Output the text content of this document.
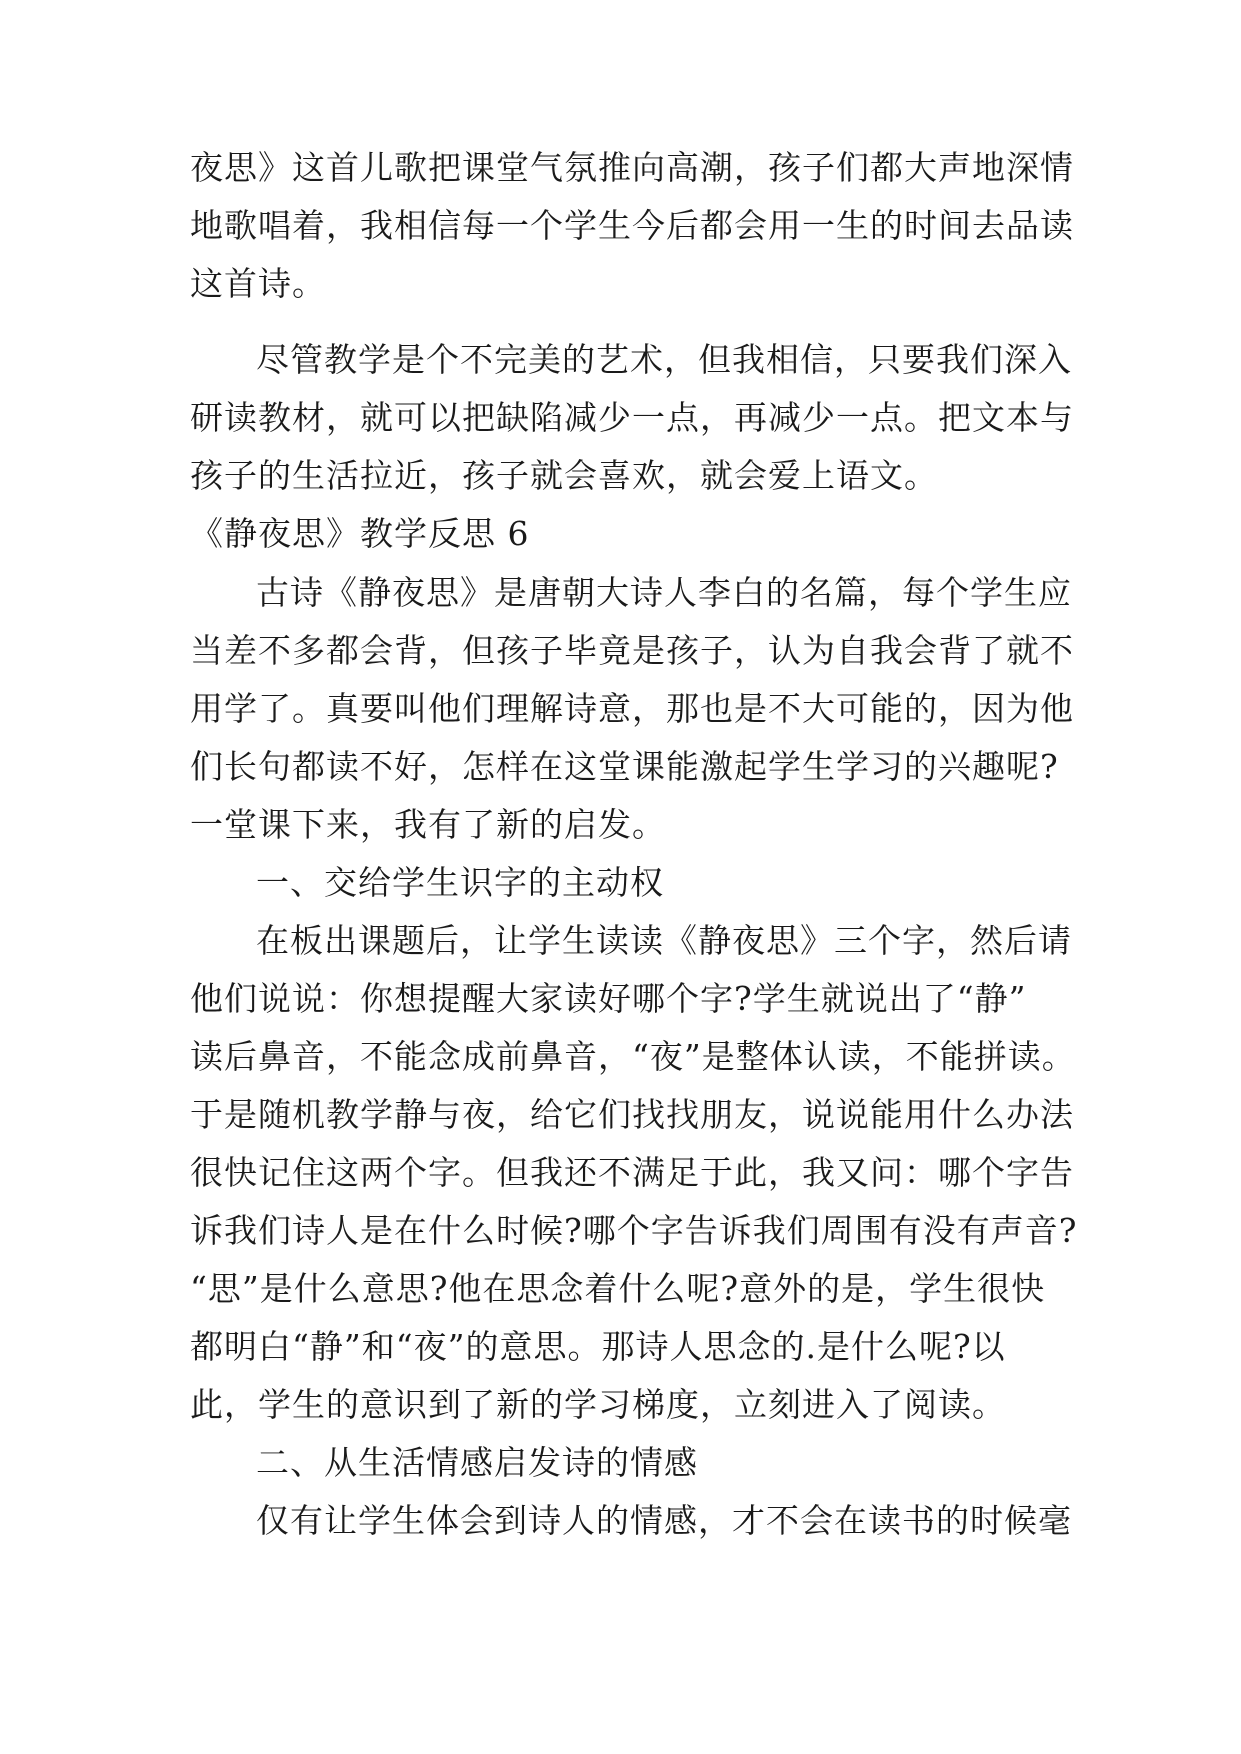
夜思》这首儿歌把课堂气氛推向高潮，孩子们都大声地深情
地歌唱着，我相信每一个学生今后都会用一生的时间去品读
这首诗。
尽管教学是个不完美的艺术，但我相信，只要我们深入
研读教材，就可以把缺陷减少一点，再减少一点。把文本与
孩子的生活拉近，孩子就会喜欢，就会爱上语文。
《静夜思》教学反思 6
古诗《静夜思》是唐朝大诗人李白的名篇，每个学生应
当差不多都会背，但孩子毕竟是孩子，认为自我会背了就不
用学了。真要叫他们理解诗意，那也是不大可能的，因为他
们长句都读不好，怎样在这堂课能激起学生学习的兴趣呢?
一堂课下来，我有了新的启发。
一、交给学生识字的主动权
在板出课题后，让学生读读《静夜思》三个字，然后请
他们说说：你想提醒大家读好哪个字?学生就说出了“静”
读后鼻音，不能念成前鼻音，“夜”是整体认读，不能拼读。
于是随机教学静与夜，给它们找找朋友，说说能用什么办法
很快记住这两个字。但我还不满足于此，我又问：哪个字告
诉我们诗人是在什么时候?哪个字告诉我们周围有没有声音?
“思”是什么意思?他在思念着什么呢?意外的是，学生很快
都明白“静”和“夜”的意思。那诗人思念的.是什么呢?以
此，学生的意识到了新的学习梯度，立刻进入了阅读。
二、从生活情感启发诗的情感
仅有让学生体会到诗人的情感，才不会在读书的时候毫
